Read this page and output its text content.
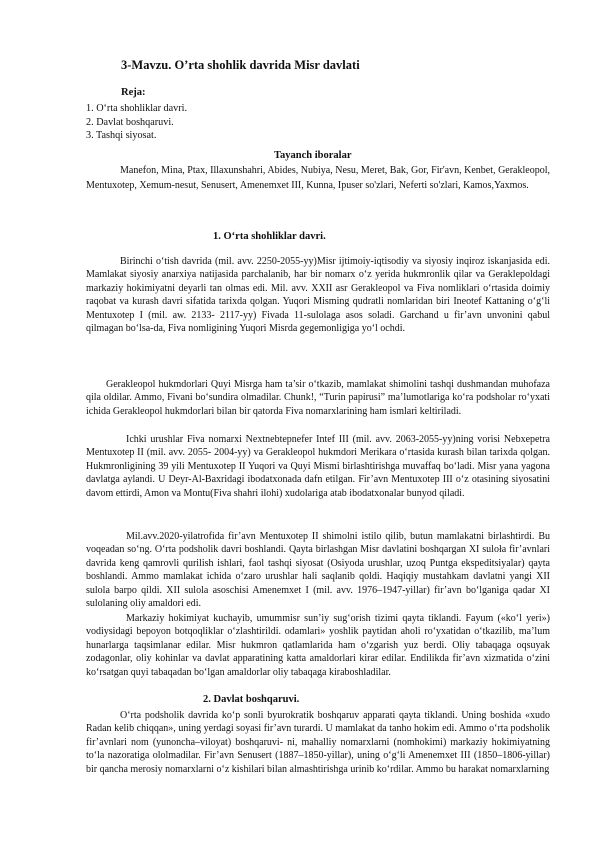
3-Mavzu. O’rta shohlik davrida Misr davlati
Reja:
1. O‘rta shohliklar davri.
2. Davlat boshqaruvi.
3. Tashqi siyosat.
Tayanch iboralar

Manefon, Mina, Ptax, Illaxunshahri, Abides, Nubiya, Nesu, Meret, Bak, Gor, Fir'avn, Kenbet, Gerakleopol, Mentuxotep, Xemum-nesut, Senusert, Amenemxet III, Kunna, Ipuser so'zlari, Neferti so'zlari, Kamos,Yaxmos.

1. O‘rta shohliklar davri.

Birinchi o‘tish davrida (mil. avv. 2250-2055-yy)Misr ijtimoiy-iqtisodiy va siyosiy inqiroz iskanjasida edi. Mamlakat siyosiy anarxiya natijasida parchalanib, har bir nomarx o‘z yerida hukmronlik qilar va Geraklepoldagi markaziy hokimiyatni deyarli tan olmas edi. Mil. avv. XXII asr Gerakleopol va Fiva nomliklari o‘rtasida doimiy raqobat va kurash davri sifatida tarixda qolgan. Yuqori Misming qudratli nomlaridan biri Ineotef Kattaning o‘g‘li Mentuxotep I (mil. aw. 2133- 2117-yy) Fivada 11-sulolaga asos soladi. Garchand u fir’avn unvonini qabul qilmagan bo‘lsa-da, Fiva nomligining Yuqori Misrda gegemonligiga yo‘l ochdi.

Gerakleopol hukmdorlari Quyi Misrga ham ta’sir o‘tkazib, mamlakat shimolini tashqi dushmandan muhofaza qila oldilar. Ammo, Fivani bo‘sundira olmadilar. Chunk!, “Turin papirusi” ma’lumotlariga ko‘ra podsholar ro‘yxati ichida Gerakleopol hukmdorlari bilan bir qatorda Fiva nomarxlarining ham ismlari keltiriladi.

Ichki urushlar Fiva nomarxi Nextnebtepnefer Intef III (mil. avv. 2063-2055-yy)ning vorisi Nebxepetra Mentuxotep II (mil. avv. 2055- 2004-yy) va Gerakleopol hukmdori Merikara o‘rtasida kurash bilan tarixda qolgan. Hukmronligining 39 yili Mentuxotep II Yuqori va Quyi Mismi birlashtirishga muvaffaq bo‘ladi. Misr yana yagona davlatga aylandi. U Deyr-Al-Baxridagi ibodatxonada dafn etilgan. Fir’avn Mentuxotep III o‘z otasining siyosatini davom ettirdi, Amon va Montu(Fiva shahri ilohi) xudolariga atab ibodatxonalar bunyod qiladi.

Mil.avv.2020-yilatrofida fir’avn Mentuxotep II shimolni istilo qilib, butun mamlakatni birlashtirdi. Bu voqeadan so‘ng. O‘rta podsholik davri boshlandi. Qayta birlashgan Misr davlatini boshqargan XI suloła fir’avnlari davrida keng qamrovli qurilish ishlari, faol tashqi siyosat (Osiyoda urushlar, uzoq Puntga ekspeditsiyalar) qayta boshlandi. Ammo mamlakat ichida o‘zaro urushlar hali saqlanib qoldi. Haqiqiy mustahkam davlatni yangi XII sulola barpo qildi. XII sulola asoschisi Amenemxet I (mil. avv. 1976–1947-yillar) fir’avn bo‘lganiga qadar XI sulolaning oliy amaldori edi.

Markaziy hokimiyat kuchayib, umummisr sun’iy sug‘orish tizimi qayta tiklandi. Fayum («ko‘l yeri») vodiysidagi bepoyon botqoqliklar o‘zlashtirildi. odamlari» yoshlik paytidan aholi ro‘yxatidan o‘tkazilib, ma’lum hunarlarga taqsimlanar edilar. Misr hukmron qatlamlarida ham o‘zgarish yuz berdi. Oliy tabaqaga oqsuyak zodagonlar, oliy kohinlar va davlat apparatining katta amaldorlari kirar edilar. Endilikda fir’avn xizmatida o‘zini ko‘rsatgan quyi tabaqadan bo‘lgan amaldorlar oliy tabaqaga kiraboshladilar.

2. Davlat boshqaruvi.

O‘rta podsholik davrida ko‘p sonli byurokratik boshqaruv apparati qayta tiklandi. Uning boshida «xudo Radan kelib chiqqan», uning yerdagi soyasi fir’avn turardi. U mamlakat da tanho hokim edi. Ammo o‘rta podsholik fir’avnlari nom (yunoncha–viloyat) boshqaruvi- ni, mahalliy nomarxlarni (nomhokimi) markaziy hokimiyatning to‘la nazoratiga ololmadilar. Fir’avn Senusert (1887–1850-yillar), uning o‘g‘li Amenemxet III (1850–1806-yillar) bir qancha merosiy nomarxlarni o‘z kishilari bilan almashtirishga urinib ko‘rdilar. Ammo bu harakat nomarxlarning
